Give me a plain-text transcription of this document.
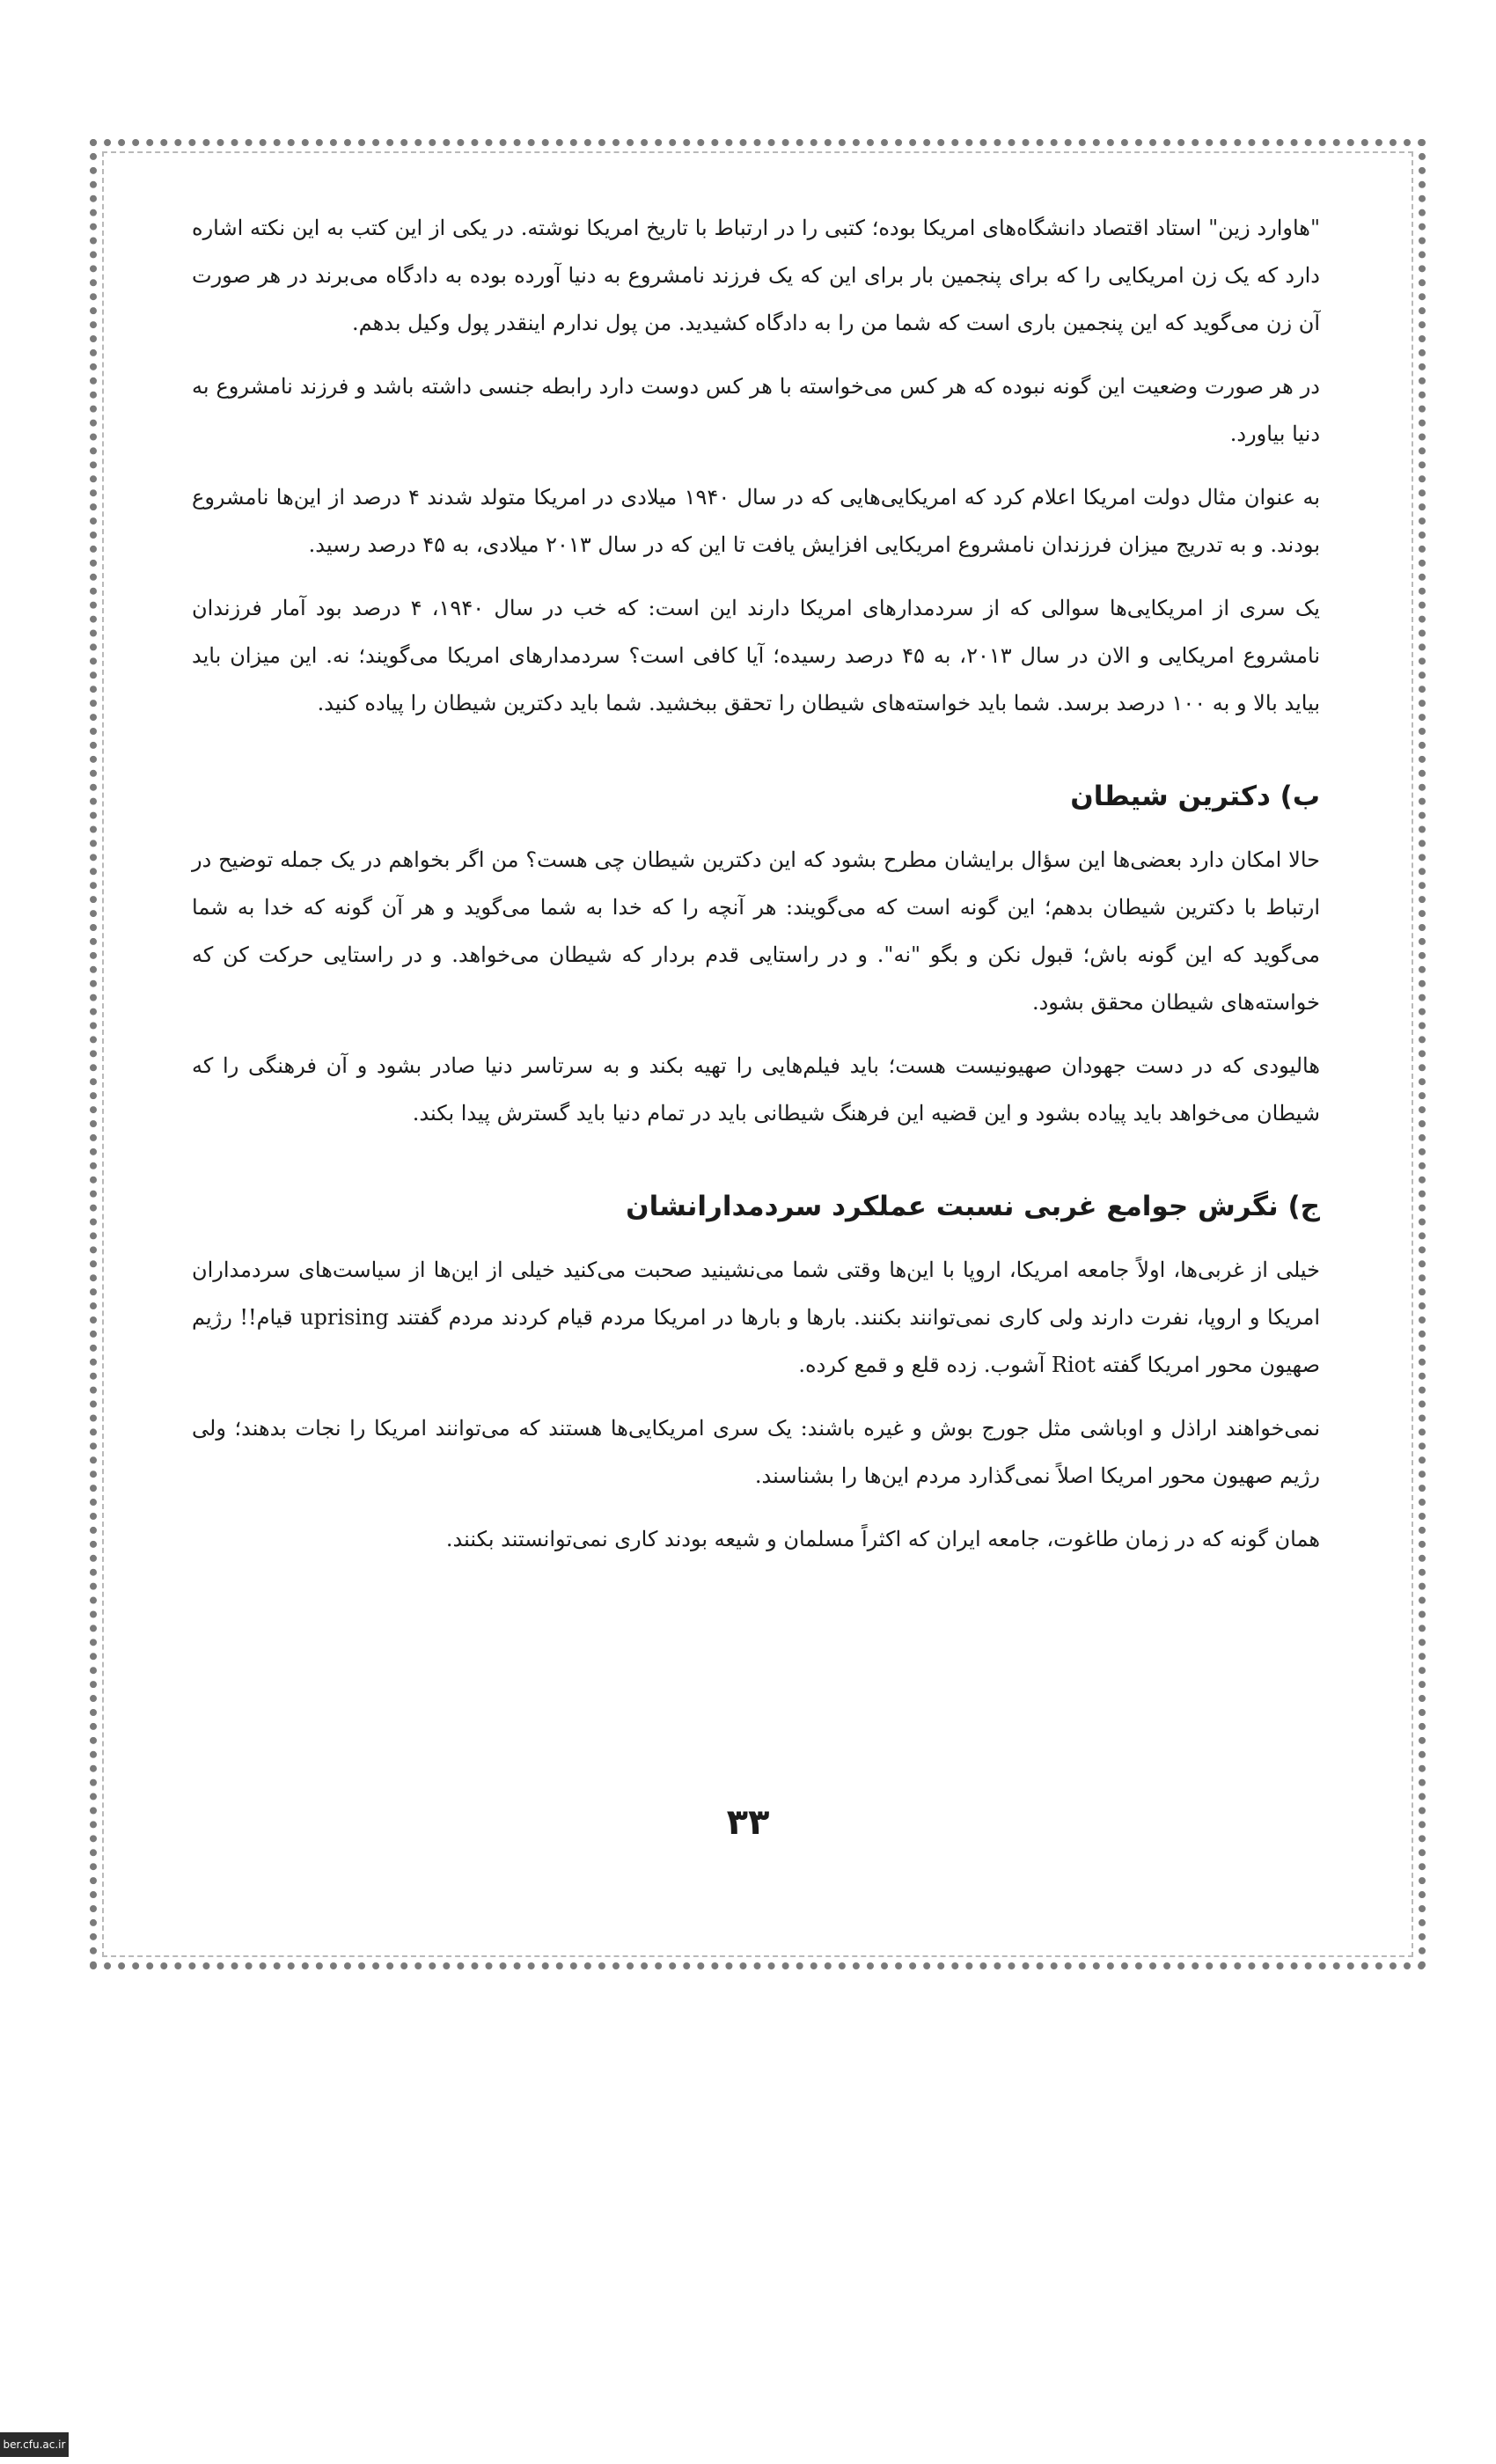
"هاوارد زین" استاد اقتصاد دانشگاه‌های امریکا بوده؛ کتبی را در ارتباط با تاریخ امریکا نوشته. در یکی از این کتب به این نکته اشاره دارد که یک زن امریکایی را که برای پنجمین بار برای این که یک فرزند نامشروع به دنیا آورده بوده به دادگاه می‌برند در هر صورت آن زن می‌گوید که این پنجمین باری است که شما من را به دادگاه کشیدید. من پول ندارم اینقدر پول وکیل بدهم.

در هر صورت وضعیت این گونه نبوده که هر کس می‌خواسته با هر کس دوست دارد رابطه جنسی داشته باشد و فرزند نامشروع به دنیا بیاورد.

به عنوان مثال دولت امریکا اعلام کرد که امریکایی‌هایی که در سال ۱۹۴۰ میلادی در امریکا متولد شدند ۴ درصد از این‌ها نامشروع بودند. و به تدریج میزان فرزندان نامشروع امریکایی افزایش یافت تا این که در سال ۲۰۱۳ میلادی، به ۴۵ درصد رسید.

یک سری از امریکایی‌ها سوالی که از سردمدارهای امریکا دارند این است: که خب در سال ۱۹۴۰، ۴ درصد بود آمار فرزندان نامشروع امریکایی و الان در سال ۲۰۱۳، به ۴۵ درصد رسیده؛ آیا کافی است؟ سردمدارهای امریکا می‌گویند؛ نه. این میزان باید بیاید بالا و به ۱۰۰ درصد برسد. شما باید خواسته‌های شیطان را تحقق ببخشید. شما باید دکترین شیطان را پیاده کنید.

ب) دکترین شیطان

حالا امکان دارد بعضی‌ها این سؤال برایشان مطرح بشود که این دکترین شیطان چی هست؟ من اگر بخواهم در یک جمله توضیح در ارتباط با دکترین شیطان بدهم؛ این گونه است که می‌گویند: هر آنچه را که خدا به شما می‌گوید و هر آن گونه که خدا به شما می‌گوید که این گونه باش؛ قبول نکن و بگو "نه". و در راستایی قدم بردار که شیطان می‌خواهد. و در راستایی حرکت کن که خواسته‌های شیطان محقق بشود.

هالیودی که در دست جهودان صهیونیست هست؛ باید فیلم‌هایی را تهیه بکند و به سرتاسر دنیا صادر بشود و آن فرهنگی را که شیطان می‌خواهد باید پیاده بشود و این قضیه این فرهنگ شیطانی باید در تمام دنیا باید گسترش پیدا بکند.

ج) نگرش جوامع غربی نسبت عملکرد سردمدارانشان

خیلی از غربی‌ها، اولاً جامعه امریکا، اروپا با این‌ها وقتی شما می‌نشینید صحبت می‌کنید خیلی از این‌ها از سیاست‌های سردمداران امریکا و اروپا، نفرت دارند ولی کاری نمی‌توانند بکنند. بارها و بارها در امریکا مردم قیام کردند مردم گفتند uprising قیام!! رژیم صهیون محور امریکا گفته Riot آشوب. زده قلع و قمع کرده.

نمی‌خواهند اراذل و اوباشی مثل جورج بوش و غیره باشند: یک سری امریکایی‌ها هستند که می‌توانند امریکا را نجات بدهند؛ ولی رژیم صهیون محور امریکا اصلاً نمی‌گذارد مردم این‌ها را بشناسند.

همان گونه که در زمان طاغوت، جامعه ایران که اکثراً مسلمان و شیعه بودند کاری نمی‌توانستند بکنند.

۳۳
ber.cfu.ac.ir
